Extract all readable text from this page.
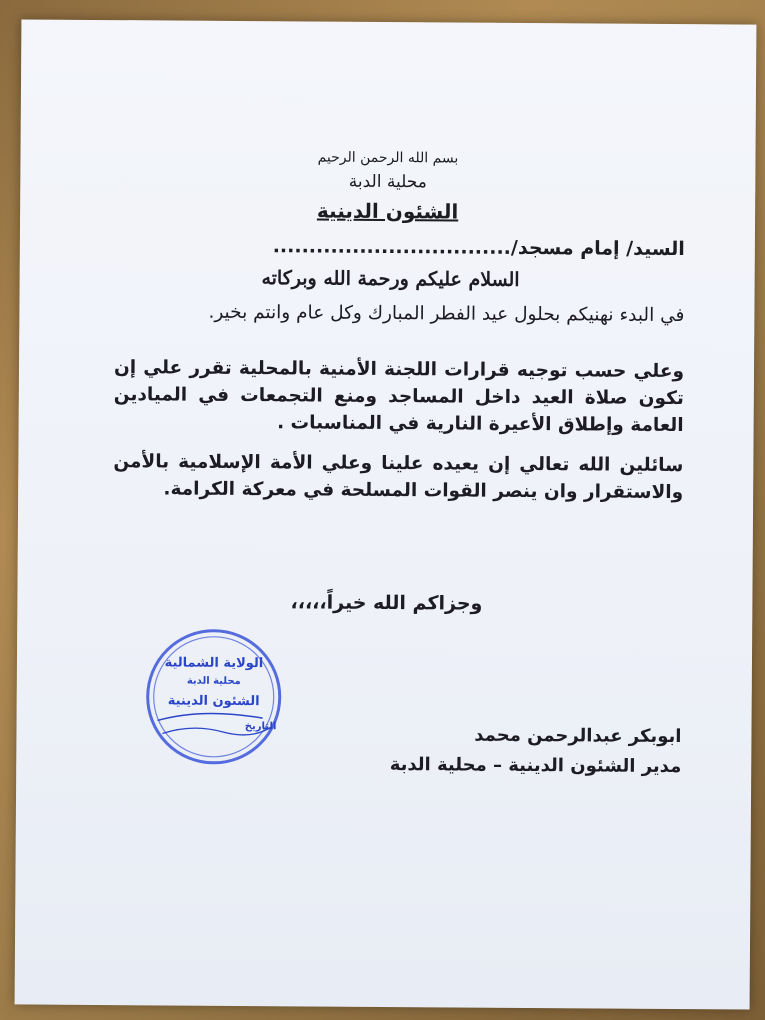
بسم الله الرحمن الرحيم
محلية الدبة
الشئون الدينية
السيد/ إمام مسجد/.................................
السلام عليكم ورحمة الله وبركاته
في البدء نهنيكم بحلول عيد الفطر المبارك وكل عام وانتم بخير.
وعلي حسب توجيه قرارات اللجنة الأمنية بالمحلية تقرر علي إن تكون صلاة العيد داخل المساجد ومنع التجمعات في الميادين العامة وإطلاق الأعيرة النارية في المناسبات .
سائلين الله تعالي إن يعيده علينا وعلي الأمة الإسلامية بالأمن والاستقرار وان ينصر القوات المسلحة في معركة الكرامة.
وجزاكم الله خيراً،،،،،
الولاية الشمالية
محلية الدبة
الشئون الدينية
التاريخ	ابوبكر عبدالرحمن محمد
مدير الشئون الدينية – محلية الدبة
